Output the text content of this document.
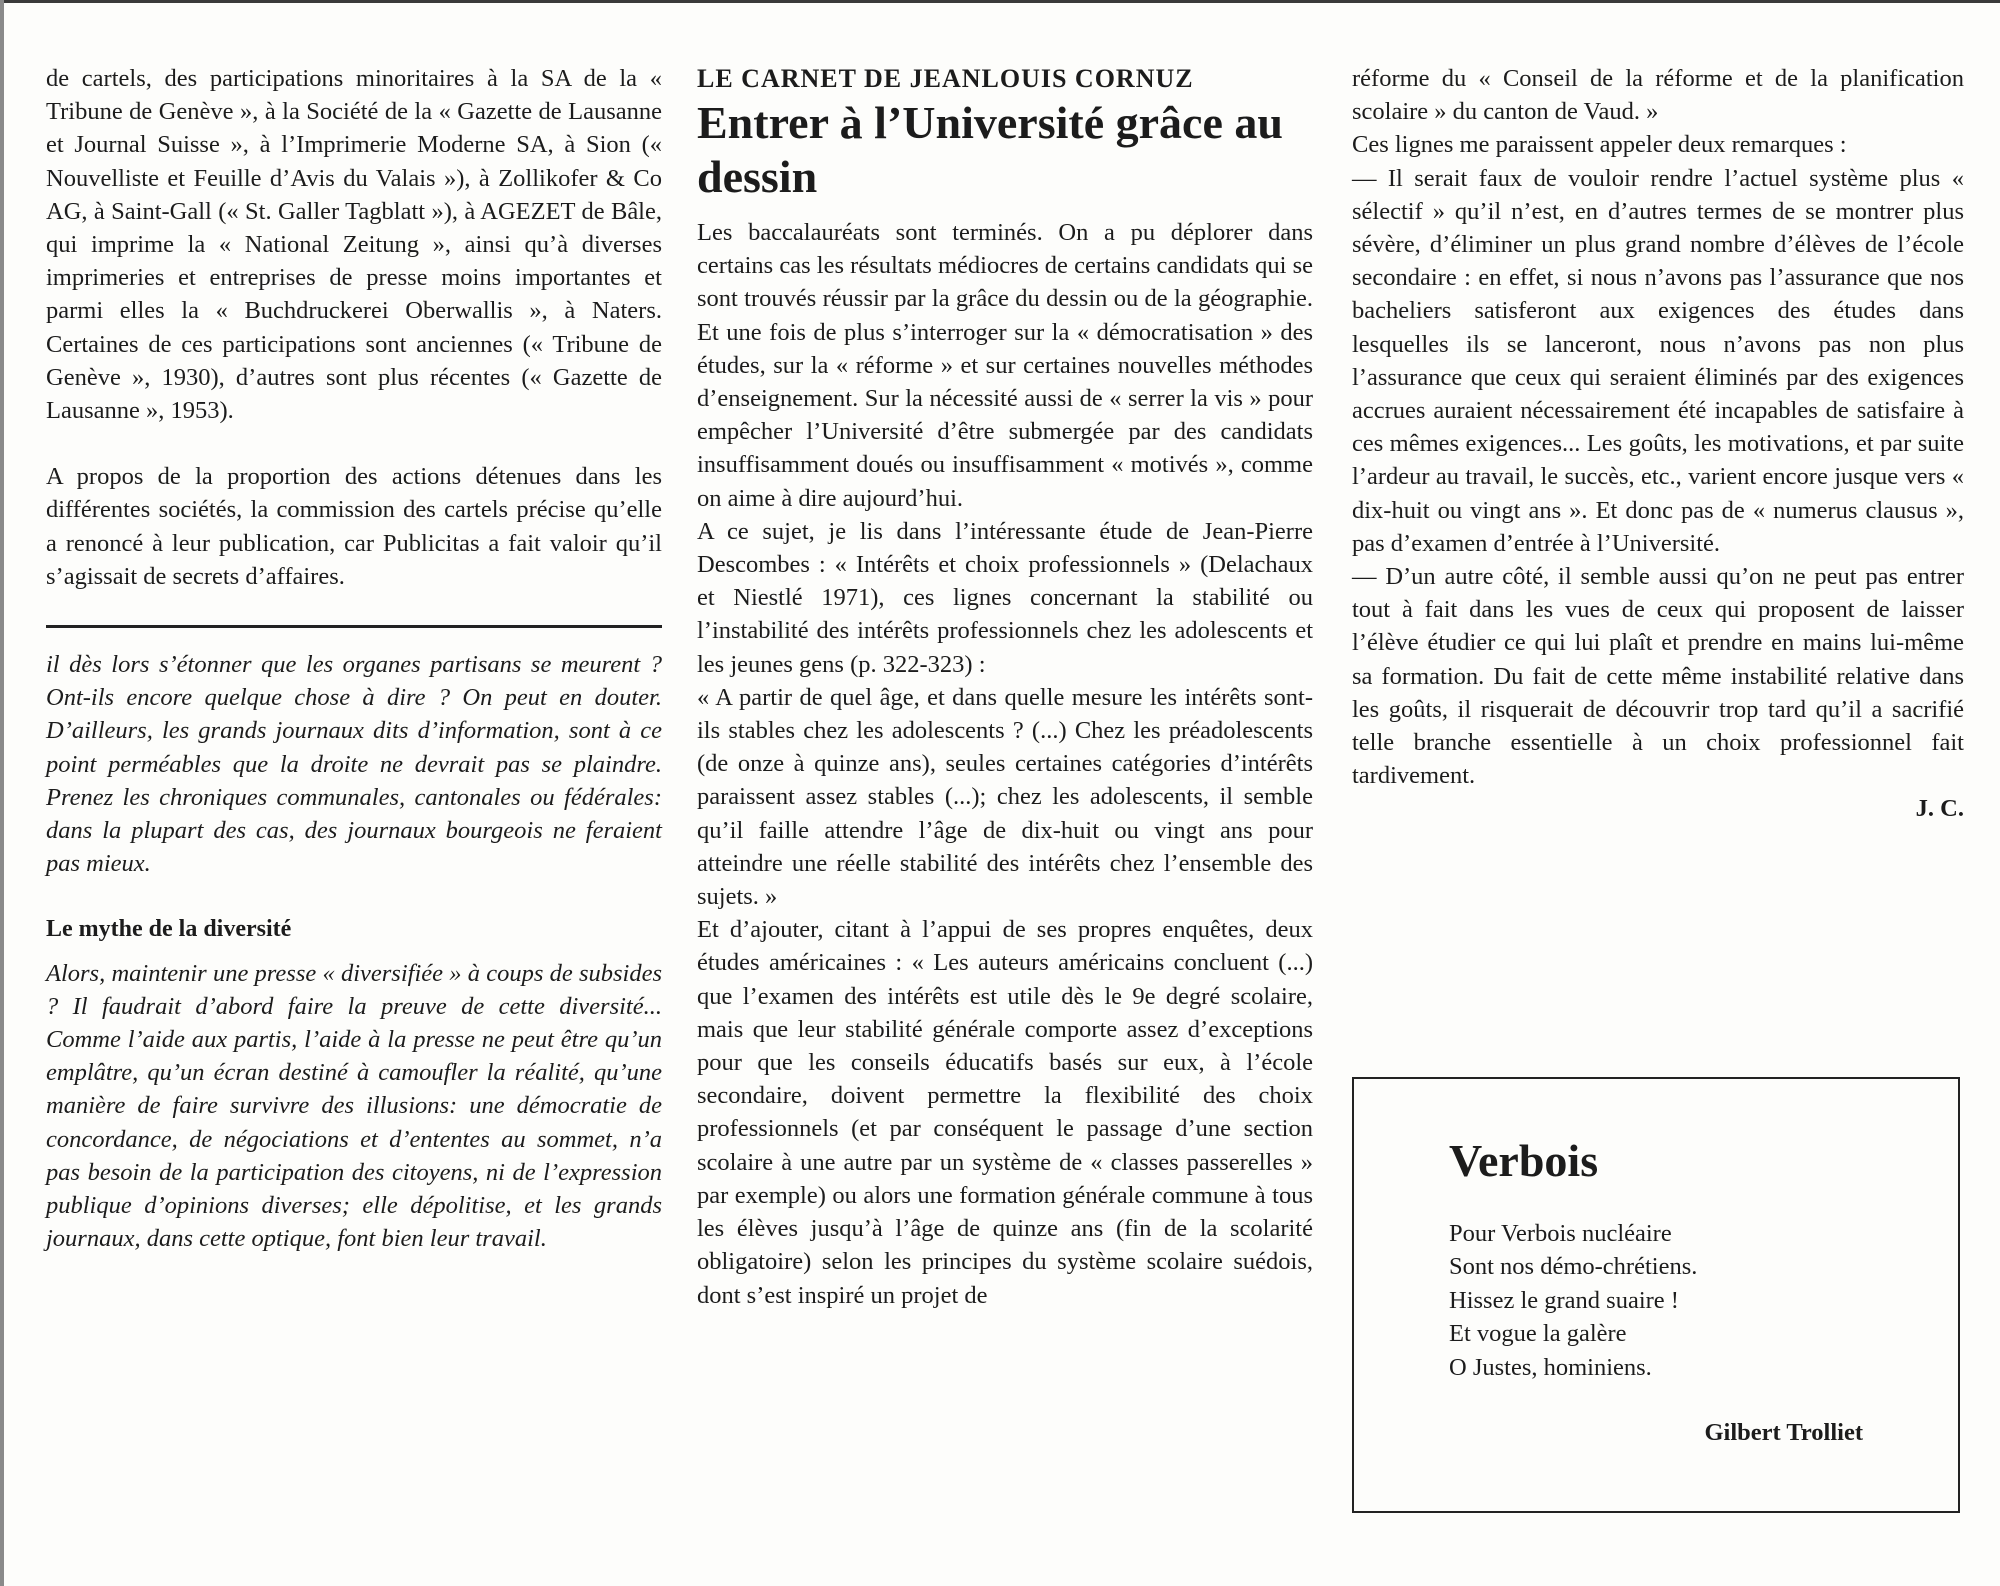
de cartels, des participations minoritaires à la SA de la « Tribune de Genève », à la Société de la « Gazette de Lausanne et Journal Suisse », à l’Imprimerie Moderne SA, à Sion (« Nouvelliste et Feuille d’Avis du Valais »), à Zollikofer & Co AG, à Saint-Gall (« St. Galler Tagblatt »), à AGEZET de Bâle, qui imprime la « National Zeitung », ainsi qu’à diverses imprimeries et entreprises de presse moins importantes et parmi elles la « Buchdruckerei Oberwallis », à Naters. Certaines de ces participations sont anciennes (« Tribune de Genève », 1930), d’autres sont plus récentes (« Gazette de Lausanne », 1953).

A propos de la proportion des actions détenues dans les différentes sociétés, la commission des cartels précise qu’elle a renoncé à leur publication, car Publicitas a fait valoir qu’il s’agissait de secrets d’affaires.

il dès lors s’étonner que les organes partisans se meurent ? Ont-ils encore quelque chose à dire ? On peut en douter. D’ailleurs, les grands journaux dits d’information, sont à ce point perméables que la droite ne devrait pas se plaindre. Prenez les chroniques communales, cantonales ou fédérales: dans la plupart des cas, des journaux bourgeois ne feraient pas mieux.

Le mythe de la diversité

Alors, maintenir une presse « diversifiée » à coups de subsides ? Il faudrait d’abord faire la preuve de cette diversité... Comme l’aide aux partis, l’aide à la presse ne peut être qu’un emplâtre, qu’un écran destiné à camoufler la réalité, qu’une manière de faire survivre des illusions: une démocratie de concordance, de négociations et d’ententes au sommet, n’a pas besoin de la participation des citoyens, ni de l’expression publique d’opinions diverses; elle dépolitise, et les grands journaux, dans cette optique, font bien leur travail.

LE CARNET DE JEANLOUIS CORNUZ

Entrer à l’Université grâce au dessin

Les baccalauréats sont terminés. On a pu déplorer dans certains cas les résultats médiocres de certains candidats qui se sont trouvés réussir par la grâce du dessin ou de la géographie. Et une fois de plus s’interroger sur la « démocratisation » des études, sur la « réforme » et sur certaines nouvelles méthodes d’enseignement. Sur la nécessité aussi de « serrer la vis » pour empêcher l’Université d’être submergée par des candidats insuffisamment doués ou insuffisamment « motivés », comme on aime à dire aujourd’hui.

A ce sujet, je lis dans l’intéressante étude de Jean-Pierre Descombes : « Intérêts et choix professionnels » (Delachaux et Niestlé 1971), ces lignes concernant la stabilité ou l’instabilité des intérêts professionnels chez les adolescents et les jeunes gens (p. 322-323) :

« A partir de quel âge, et dans quelle mesure les intérêts sont-ils stables chez les adolescents ? (...) Chez les préadolescents (de onze à quinze ans), seules certaines catégories d’intérêts paraissent assez stables (...); chez les adolescents, il semble qu’il faille attendre l’âge de dix-huit ou vingt ans pour atteindre une réelle stabilité des intérêts chez l’ensemble des sujets. »

Et d’ajouter, citant à l’appui de ses propres enquêtes, deux études américaines : « Les auteurs américains concluent (...) que l’examen des intérêts est utile dès le 9e degré scolaire, mais que leur stabilité générale comporte assez d’exceptions pour que les conseils éducatifs basés sur eux, à l’école secondaire, doivent permettre la flexibilité des choix professionnels (et par conséquent le passage d’une section scolaire à une autre par un système de « classes passerelles » par exemple) ou alors une formation générale commune à tous les élèves jusqu’à l’âge de quinze ans (fin de la scolarité obligatoire) selon les principes du système scolaire suédois, dont s’est inspiré un projet de

réforme du « Conseil de la réforme et de la planification scolaire » du canton de Vaud. »

Ces lignes me paraissent appeler deux remarques :

— Il serait faux de vouloir rendre l’actuel système plus « sélectif » qu’il n’est, en d’autres termes de se montrer plus sévère, d’éliminer un plus grand nombre d’élèves de l’école secondaire : en effet, si nous n’avons pas l’assurance que nos bacheliers satisferont aux exigences des études dans lesquelles ils se lanceront, nous n’avons pas non plus l’assurance que ceux qui seraient éliminés par des exigences accrues auraient nécessairement été incapables de satisfaire à ces mêmes exigences... Les goûts, les motivations, et par suite l’ardeur au travail, le succès, etc., varient encore jusque vers « dix-huit ou vingt ans ». Et donc pas de « numerus clausus », pas d’examen d’entrée à l’Université.

— D’un autre côté, il semble aussi qu’on ne peut pas entrer tout à fait dans les vues de ceux qui proposent de laisser l’élève étudier ce qui lui plaît et prendre en mains lui-même sa formation. Du fait de cette même instabilité relative dans les goûts, il risquerait de découvrir trop tard qu’il a sacrifié telle branche essentielle à un choix professionnel fait tardivement.

J. C.

Verbois
Pour Verbois nucléaire
Sont nos démo-chrétiens.
Hissez le grand suaire !
Et vogue la galère
O Justes, hominiens.

Gilbert Trolliet
